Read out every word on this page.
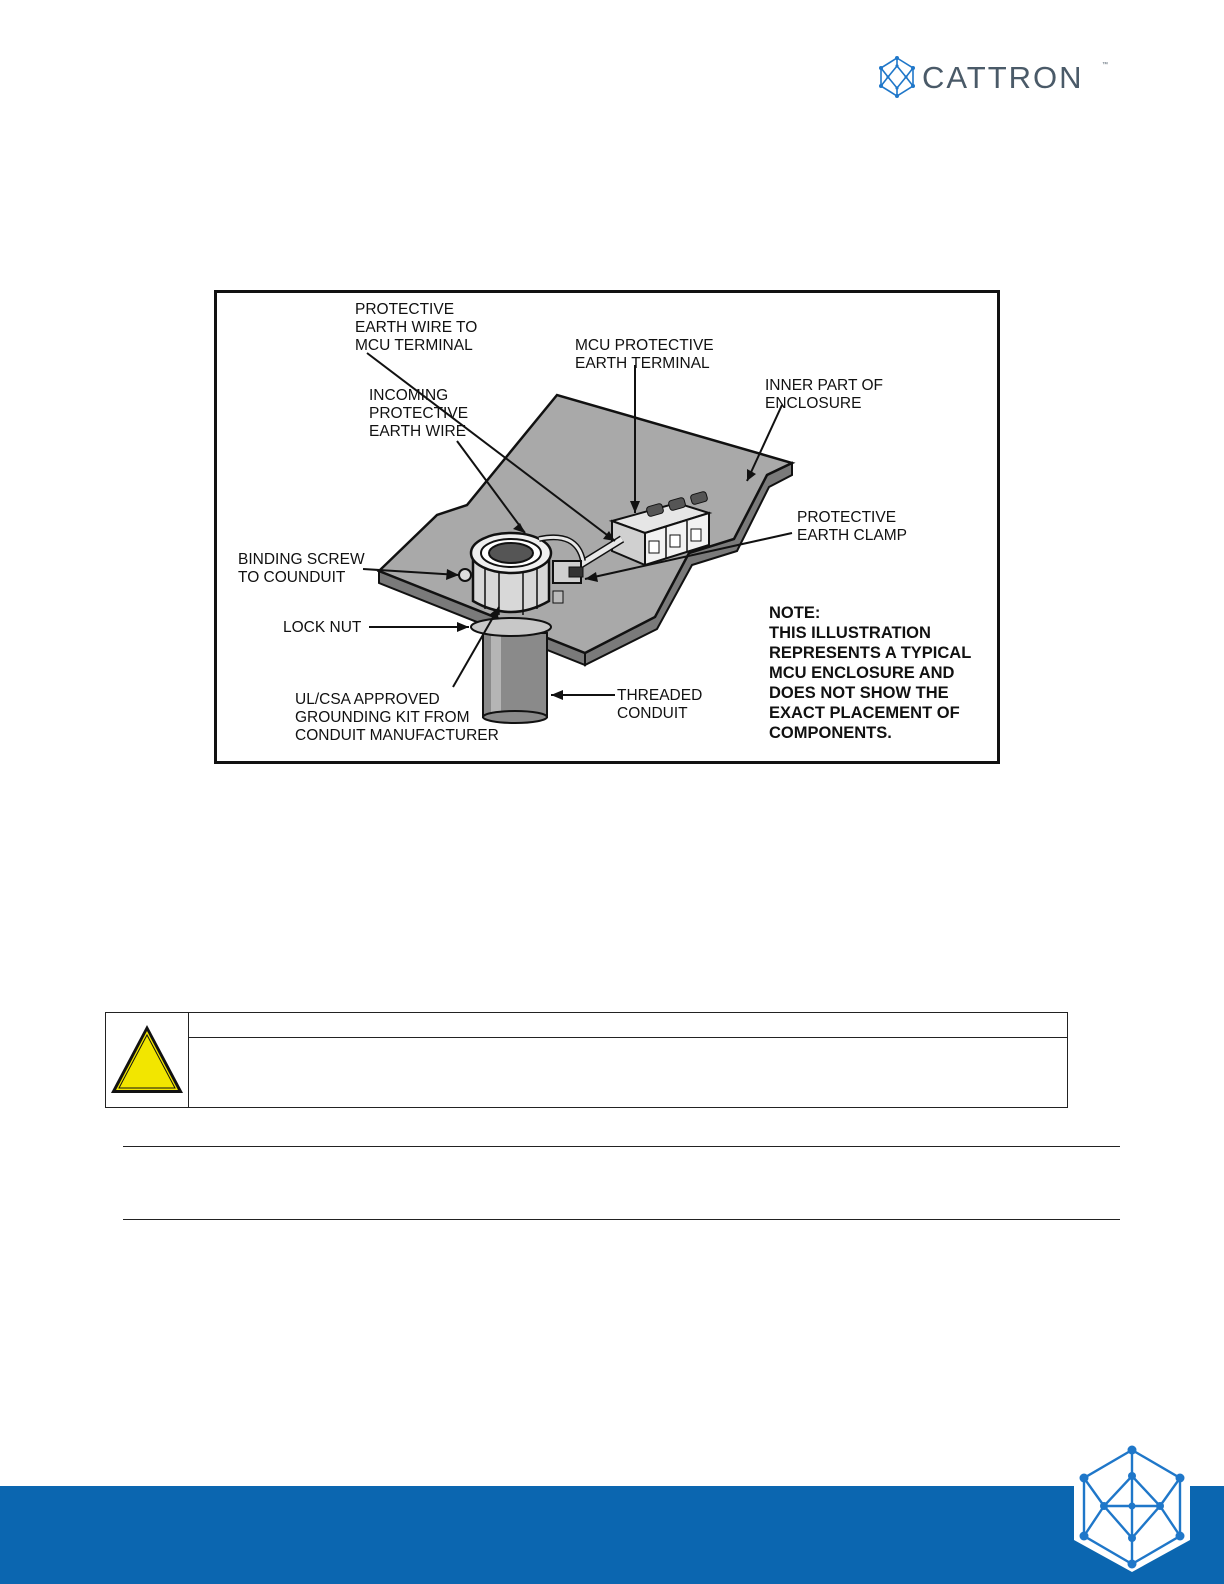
CATTRON	™
PROTECTIVE
EARTH WIRE TO
MCU TERMINAL	MCU PROTECTIVE
EARTH TERMINAL
INNER PART OF
ENCLOSURE
INCOMING
PROTECTIVE
EARTH WIRE
PROTECTIVE
EARTH CLAMP
BINDING SCREW
TO COUNDUIT
LOCK NUT
UL/CSA APPROVED
GROUNDING KIT FROM
CONDUIT MANUFACTURER
THREADED
CONDUIT
NOTE:
THIS ILLUSTRATION
REPRESENTS A TYPICAL
MCU ENCLOSURE AND
DOES NOT SHOW THE
EXACT PLACEMENT OF
COMPONENTS.
